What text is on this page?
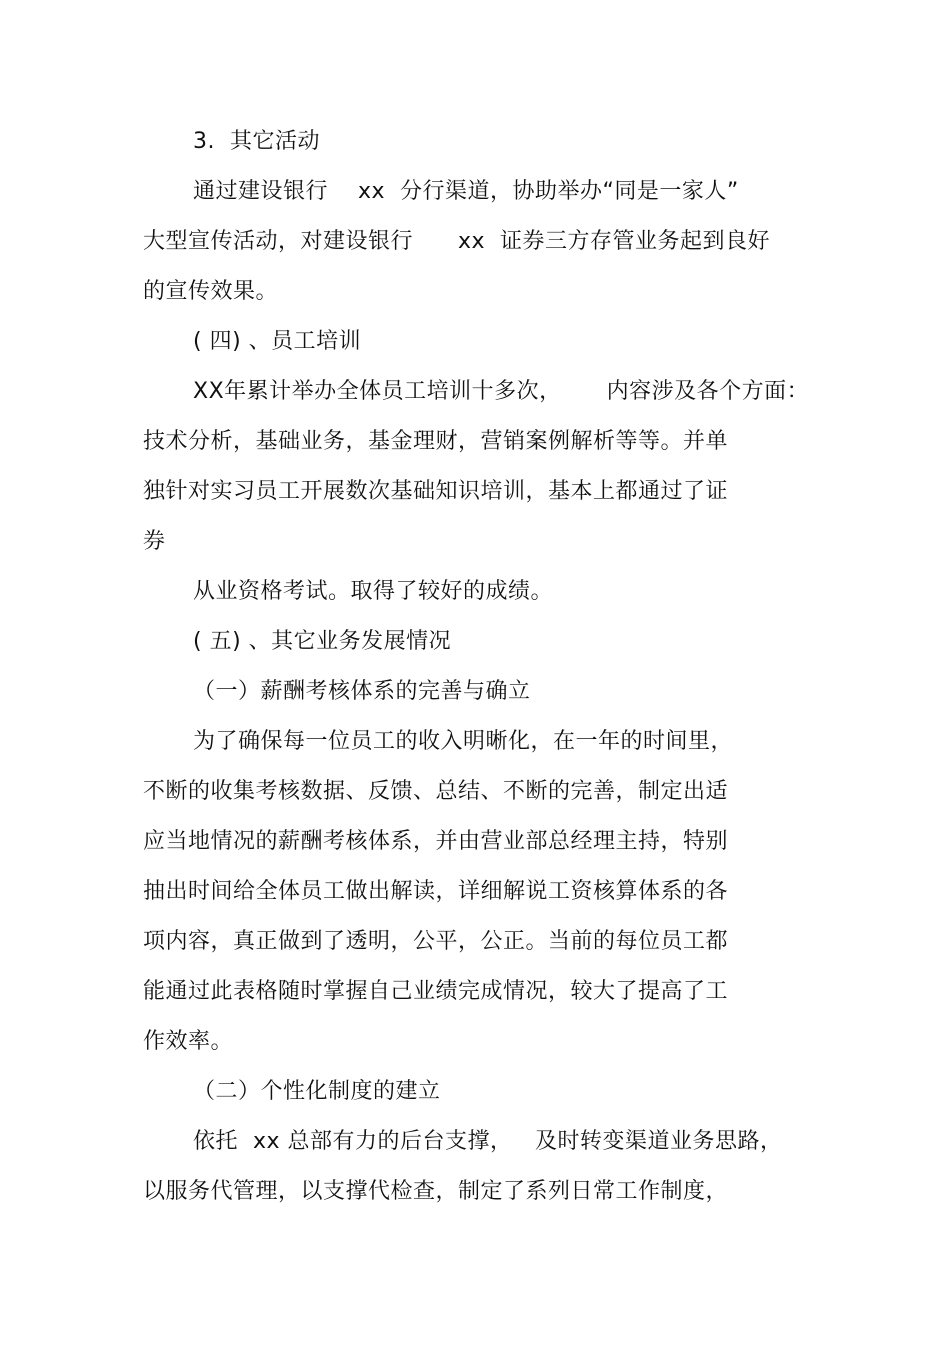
3.  其它活动
通过建设银行    xx  分行渠道，协助举办“同是一家人”
大型宣传活动，对建设银行      xx  证券三方存管业务起到良好
的宣传效果。
( 四) 、员工培训
XX年累计举办全体员工培训十多次，      内容涉及各个方面：
技术分析，基础业务，基金理财，营销案例解析等等。并单
独针对实习员工开展数次基础知识培训，基本上都通过了证
券
从业资格考试。取得了较好的成绩。
( 五) 、其它业务发展情况
（一）薪酬考核体系的完善与确立
为了确保每一位员工的收入明晰化，在一年的时间里，
不断的收集考核数据、反馈、总结、不断的完善，制定出适
应当地情况的薪酬考核体系，并由营业部总经理主持，特别
抽出时间给全体员工做出解读，详细解说工资核算体系的各
项内容，真正做到了透明，公平，公正。当前的每位员工都
能通过此表格随时掌握自己业绩完成情况，较大了提高了工
作效率。
（二）个性化制度的建立
依托  xx 总部有力的后台支撑，   及时转变渠道业务思路，
以服务代管理，以支撑代检查，制定了系列日常工作制度，
